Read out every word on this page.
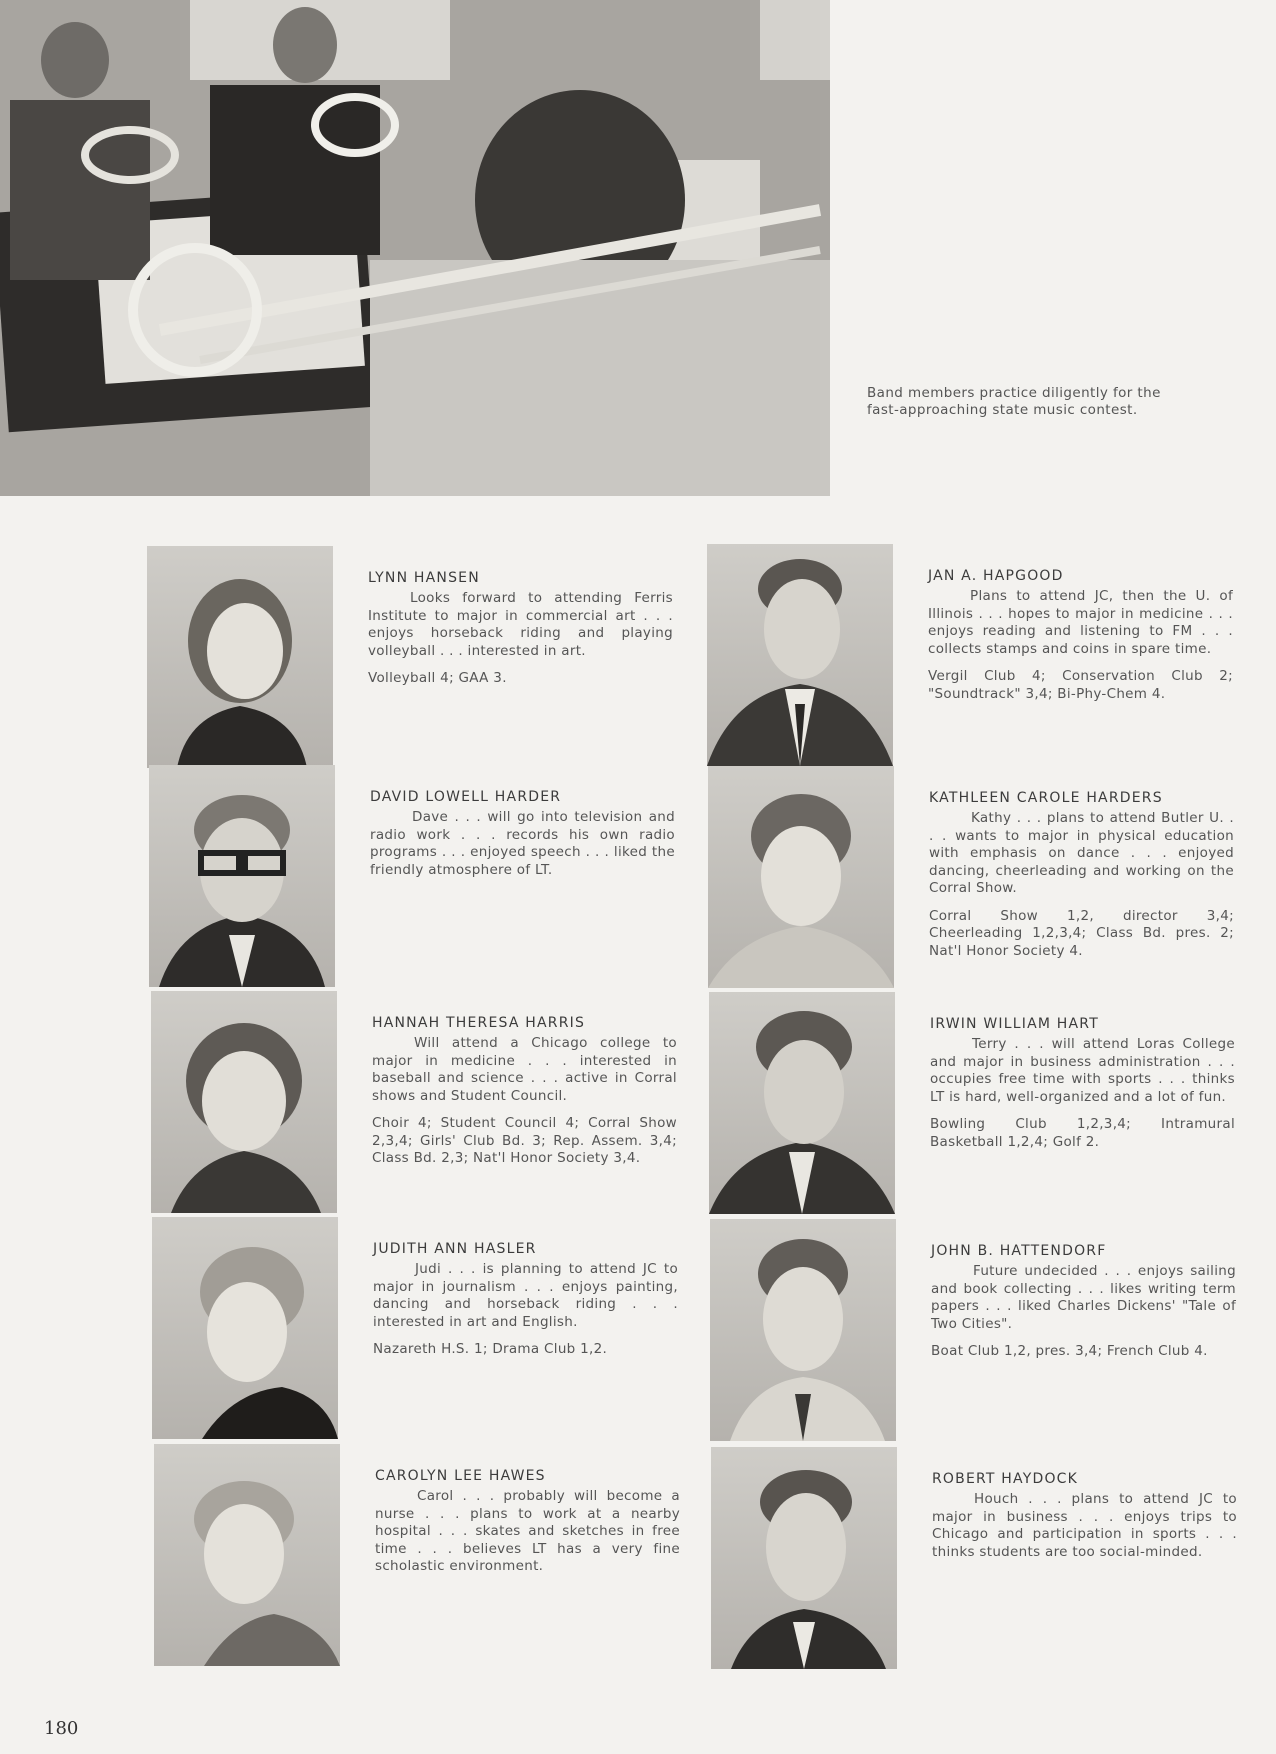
Band members practice diligently for the fast-approaching state music contest.
LYNN HANSEN
Looks forward to attending Ferris Institute to major in commercial art . . . enjoys horseback riding and playing volleyball . . . interested in art.
Volleyball 4; GAA 3.
DAVID LOWELL HARDER
Dave . . . will go into television and radio work . . . records his own radio programs . . . enjoyed speech . . . liked the friendly atmosphere of LT.
HANNAH THERESA HARRIS
Will attend a Chicago college to major in medicine . . . interested in baseball and science . . . active in Corral shows and Student Council.
Choir 4; Student Council 4; Corral Show 2,3,4; Girls' Club Bd. 3; Rep. Assem. 3,4; Class Bd. 2,3; Nat'l Honor Society 3,4.
JUDITH ANN HASLER
Judi . . . is planning to attend JC to major in journalism . . . enjoys painting, dancing and horseback riding . . . interested in art and English.
Nazareth H.S. 1; Drama Club 1,2.
CAROLYN LEE HAWES
Carol . . . probably will become a nurse . . . plans to work at a nearby hospital . . . skates and sketches in free time . . . believes LT has a very fine scholastic environment.
JAN A. HAPGOOD
Plans to attend JC, then the U. of Illinois . . . hopes to major in medicine . . . enjoys reading and listening to FM . . . collects stamps and coins in spare time.
Vergil Club 4; Conservation Club 2; "Soundtrack" 3,4; Bi-Phy-Chem 4.
KATHLEEN CAROLE HARDERS
Kathy . . . plans to attend Butler U. . . . wants to major in physical education with emphasis on dance . . . enjoyed dancing, cheerleading and working on the Corral Show.
Corral Show 1,2, director 3,4; Cheerleading 1,2,3,4; Class Bd. pres. 2; Nat'l Honor Society 4.
IRWIN WILLIAM HART
Terry . . . will attend Loras College and major in business administration . . . occupies free time with sports . . . thinks LT is hard, well-organized and a lot of fun.
Bowling Club 1,2,3,4; Intramural Basketball 1,2,4; Golf 2.
JOHN B. HATTENDORF
Future undecided . . . enjoys sailing and book collecting . . . likes writing term papers . . . liked Charles Dickens' "Tale of Two Cities".
Boat Club 1,2, pres. 3,4; French Club 4.
ROBERT HAYDOCK
Houch . . . plans to attend JC to major in business . . . enjoys trips to Chicago and participation in sports . . . thinks students are too social-minded.
180
